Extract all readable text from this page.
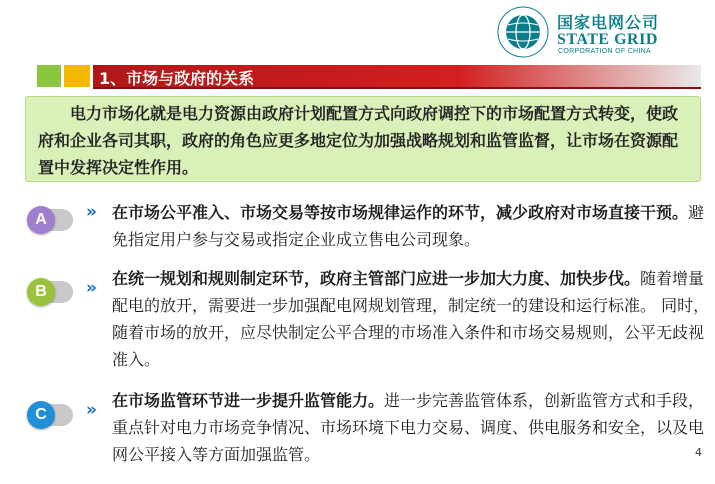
国家电网公司
STATE GRID
CORPORATION OF CHINA
1、市场与政府的关系
电力市场化就是电力资源由政府计划配置方式向政府调控下的市场配置方式转变，使政府和企业各司其职，政府的角色应更多地定位为加强战略规划和监管监督，让市场在资源配置中发挥决定性作用。
A	» 在市场公平准入、市场交易等按市场规律运作的环节，减少政府对市场直接干预。避免指定用户参与交易或指定企业成立售电公司现象。
B	» 在统一规划和规则制定环节，政府主管部门应进一步加大力度、加快步伐。随着增量配电的放开，需要进一步加强配电网规划管理，制定统一的建设和运行标准。 同时，随着市场的放开，应尽快制定公平合理的市场准入条件和市场交易规则，公平无歧视准入。
C	» 在市场监管环节进一步提升监管能力。进一步完善监管体系，创新监管方式和手段，重点针对电力市场竞争情况、市场环境下电力交易、调度、供电服务和安全，以及电网公平接入等方面加强监管。	4
